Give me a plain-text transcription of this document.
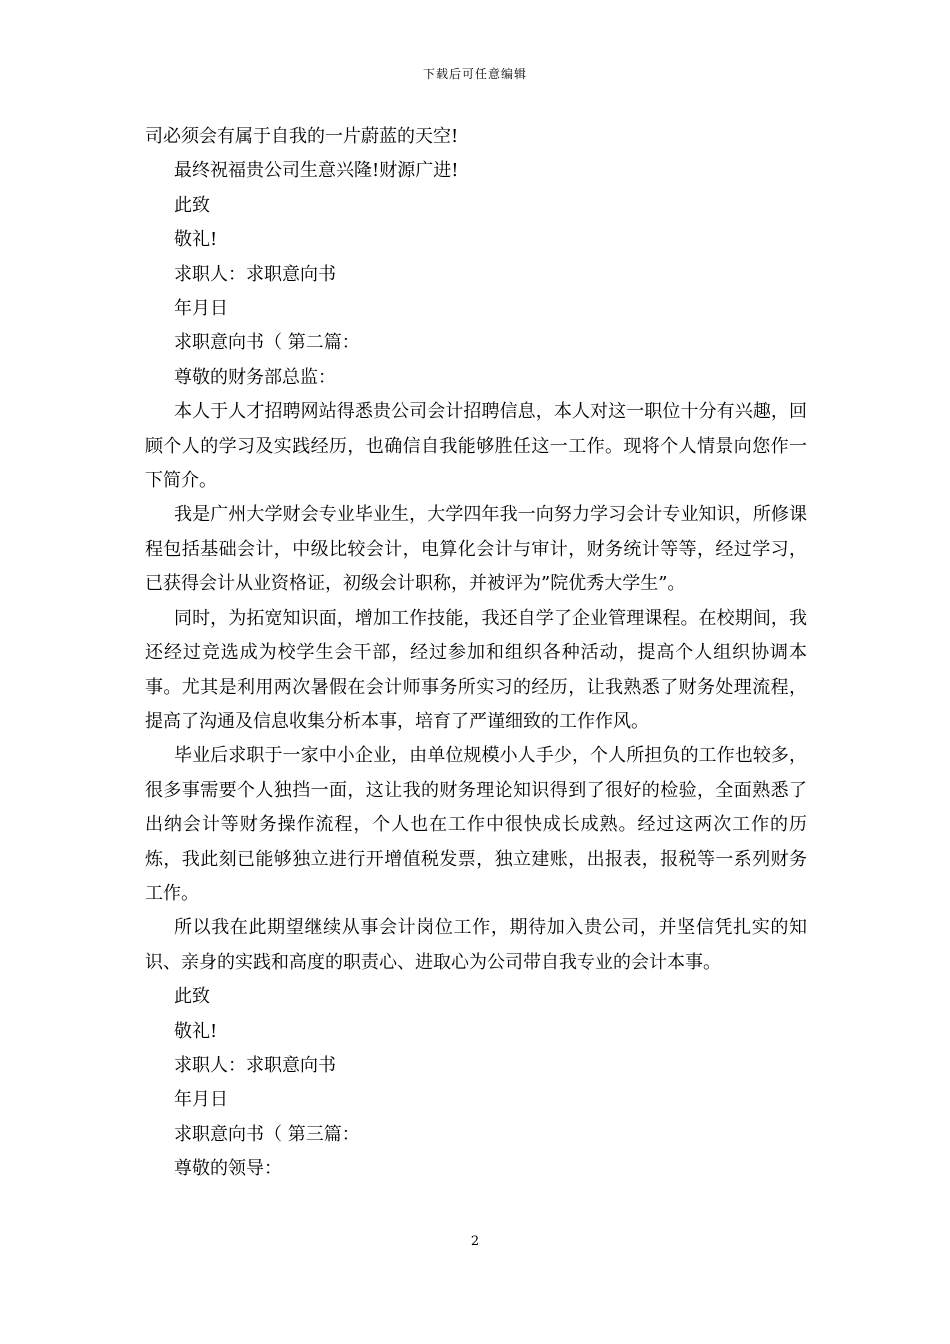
下载后可任意编辑

司必须会有属于自我的一片蔚蓝的天空!

最终祝福贵公司生意兴隆!财源广进!

此致

敬礼!

求职人：求职意向书

年月日

求职意向书（ 第二篇：

尊敬的财务部总监：

本人于人才招聘网站得悉贵公司会计招聘信息，本人对这一职位十分有兴趣，回顾个人的学习及实践经历，也确信自我能够胜任这一工作。现将个人情景向您作一下简介。

我是广州大学财会专业毕业生，大学四年我一向努力学习会计专业知识，所修课程包括基础会计，中级比较会计，电算化会计与审计，财务统计等等，经过学习，已获得会计从业资格证，初级会计职称，并被评为”院优秀大学生”。

同时，为拓宽知识面，增加工作技能，我还自学了企业管理课程。在校期间，我还经过竞选成为校学生会干部，经过参加和组织各种活动，提高个人组织协调本事。尤其是利用两次暑假在会计师事务所实习的经历，让我熟悉了财务处理流程，提高了沟通及信息收集分析本事，培育了严谨细致的工作作风。

毕业后求职于一家中小企业，由单位规模小人手少，个人所担负的工作也较多，很多事需要个人独挡一面，这让我的财务理论知识得到了很好的检验，全面熟悉了出纳会计等财务操作流程，个人也在工作中很快成长成熟。经过这两次工作的历炼，我此刻已能够独立进行开增值税发票，独立建账，出报表，报税等一系列财务工作。

所以我在此期望继续从事会计岗位工作，期待加入贵公司，并坚信凭扎实的知识、亲身的实践和高度的职责心、进取心为公司带自我专业的会计本事。

此致

敬礼!

求职人：求职意向书

年月日

求职意向书（ 第三篇：

尊敬的领导：

2
